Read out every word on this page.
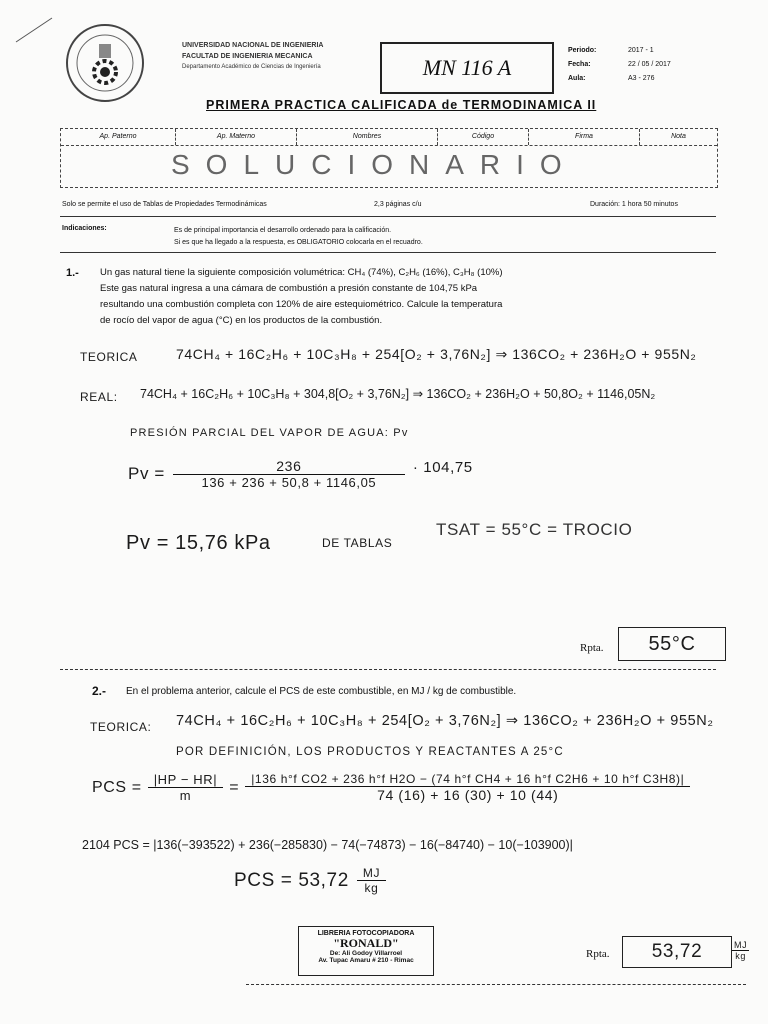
UNIVERSIDAD NACIONAL DE INGENIERIA
FACULTAD DE INGENIERIA MECANICA
Departamento Académico de Ciencias de Ingeniería	MN 116 A
Periodo:	2017 - 1
Fecha:	22 / 05 / 2017
Aula:	A3 - 276
PRIMERA PRACTICA CALIFICADA de TERMODINAMICA II
Ap. Paterno	Ap. Materno	Nombres	Código	Firma	Nota
SOLUCIONARIO
Solo se permite el uso de Tablas de Propiedades Termodinámicas	2,3 páginas c/u	Duración: 1 hora 50 minutos
Indicaciones:	Es de principal importancia el desarrollo ordenado para la calificación.
Si es que ha llegado a la respuesta, es OBLIGATORIO colocarla en el recuadro.
1.- Un gas natural tiene la siguiente composición volumétrica: CH₄ (74%), C₂H₆ (16%), C₃H₈ (10%)
Este gas natural ingresa a una cámara de combustión a presión constante de 104,75 kPa
resultando una combustión completa con 120% de aire estequiométrico. Calcule la temperatura
de rocío del vapor de agua (°C) en los productos de la combustión.
TEORICA	74CH₄ + 16C₂H₆ + 10C₃H₈ + 254[O₂ + 3,76N₂] ⇒ 136CO₂ + 236H₂O + 955N₂
REAL: 74CH₄ + 16C₂H₆ + 10C₃H₈ + 304,8[O₂ + 3,76N₂] ⇒ 136CO₂ + 236H₂O + 50,8O₂ + 1146,05N₂
PRESIÓN PARCIAL DEL VAPOR DE AGUA: Pv
$Pv = \frac{236}{136 + 236 + 50,8 + 1146,05} \cdot 104,75$
Pv = 15,76 kPa	DE TABLAS
TSAT = 55°C = TROCIO
Rpta.	55°C
2.- En el problema anterior, calcule el PCS de este combustible, en MJ / kg de combustible.
TEORICA: 74CH₄ + 16C₂H₆ + 10C₃H₈ + 254[O₂ + 3,76N₂] ⇒ 136CO₂ + 236H₂O + 955N₂
POR DEFINICIÓN, LOS PRODUCTOS Y REACTANTES A 25°C
PCS = $\frac{|HP - HR|}{m}$ =	|136 h°f CO2 + 236 h°f H2O − (74 h°f CH4 + 16 h°f C2H6 + 10 h°f C3H8)|
74 (16) + 16 (30) + 10 (44)
2104 PCS = |136(−393522) + 236(−285830) − 74(−74873) − 16(−84740) − 10(−103900)|
PCS = $53,72 \frac{MJ}{kg}$
LIBRERIA FOTOCOPIADORA
"RONALD"
De: Ali Godoy Villarroel
Av. Tupac Amaru # 210 - Rimac
Rpta.	53,72	$\frac{MJ}{kg}$
